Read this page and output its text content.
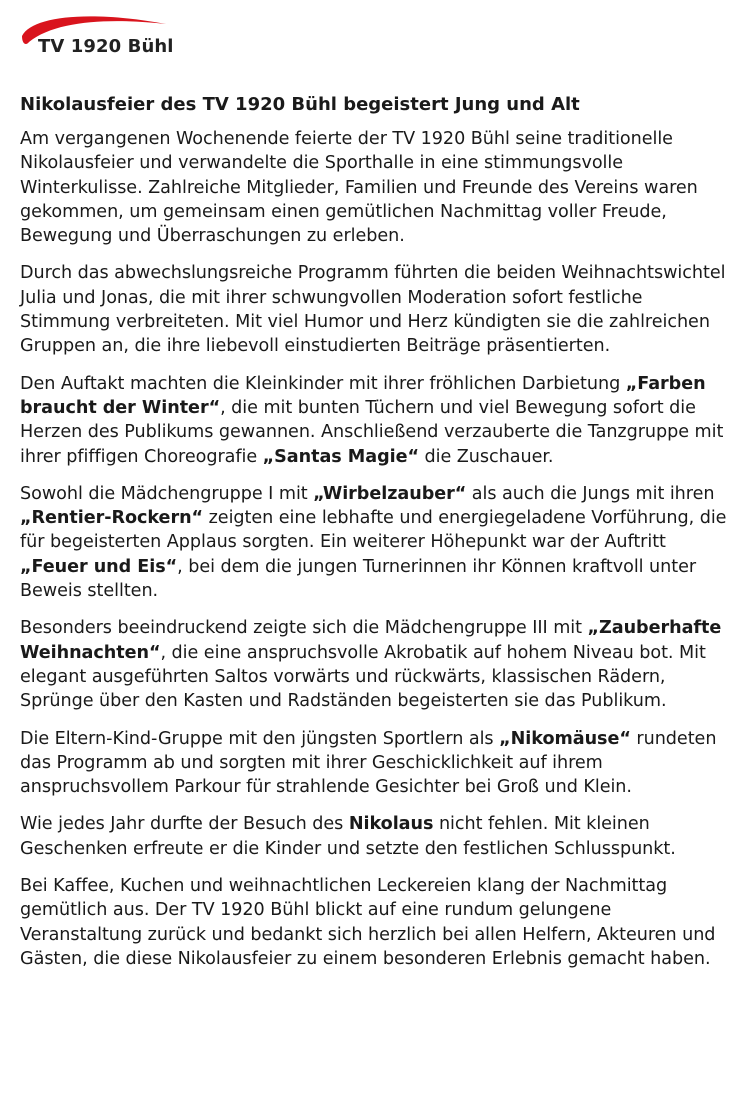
TV 1920 Bühl
Nikolausfeier des TV 1920 Bühl begeistert Jung und Alt

Am vergangenen Wochenende feierte der TV 1920 Bühl seine traditionelle Nikolausfeier und verwandelte die Sporthalle in eine stimmungsvolle Winterkulisse. Zahlreiche Mitglieder, Familien und Freunde des Vereins waren gekommen, um gemeinsam einen gemütlichen Nachmittag voller Freude, Bewegung und Überraschungen zu erleben.

Durch das abwechslungsreiche Programm führten die beiden Weihnachtswichtel Julia und Jonas, die mit ihrer schwungvollen Moderation sofort festliche Stimmung verbreiteten. Mit viel Humor und Herz kündigten sie die zahlreichen Gruppen an, die ihre liebevoll einstudierten Beiträge präsentierten.

Den Auftakt machten die Kleinkinder mit ihrer fröhlichen Darbietung „Farben braucht der Winter“, die mit bunten Tüchern und viel Bewegung sofort die Herzen des Publikums gewannen. Anschließend verzauberte die Tanzgruppe mit ihrer pfiffigen Choreografie „Santas Magie“ die Zuschauer.

Sowohl die Mädchengruppe I mit „Wirbelzauber“ als auch die Jungs mit ihren „Rentier-Rockern“ zeigten eine lebhafte und energiegeladene Vorführung, die für begeisterten Applaus sorgten. Ein weiterer Höhepunkt war der Auftritt „Feuer und Eis“, bei dem die jungen Turnerinnen ihr Können kraftvoll unter Beweis stellten.

Besonders beeindruckend zeigte sich die Mädchengruppe III mit „Zauberhafte Weihnachten“, die eine anspruchsvolle Akrobatik auf hohem Niveau bot. Mit elegant ausgeführten Saltos vorwärts und rückwärts, klassischen Rädern, Sprünge über den Kasten und Radständen begeisterten sie das Publikum.

Die Eltern-Kind-Gruppe mit den jüngsten Sportlern als „Nikomäuse“ rundeten das Programm ab und sorgten mit ihrer Geschicklichkeit auf ihrem anspruchsvollem Parkour für strahlende Gesichter bei Groß und Klein.

Wie jedes Jahr durfte der Besuch des Nikolaus nicht fehlen. Mit kleinen Geschenken erfreute er die Kinder und setzte den festlichen Schlusspunkt.

Bei Kaffee, Kuchen und weihnachtlichen Leckereien klang der Nachmittag gemütlich aus. Der TV 1920 Bühl blickt auf eine rundum gelungene Veranstaltung zurück und bedankt sich herzlich bei allen Helfern, Akteuren und Gästen, die diese Nikolausfeier zu einem besonderen Erlebnis gemacht haben.
